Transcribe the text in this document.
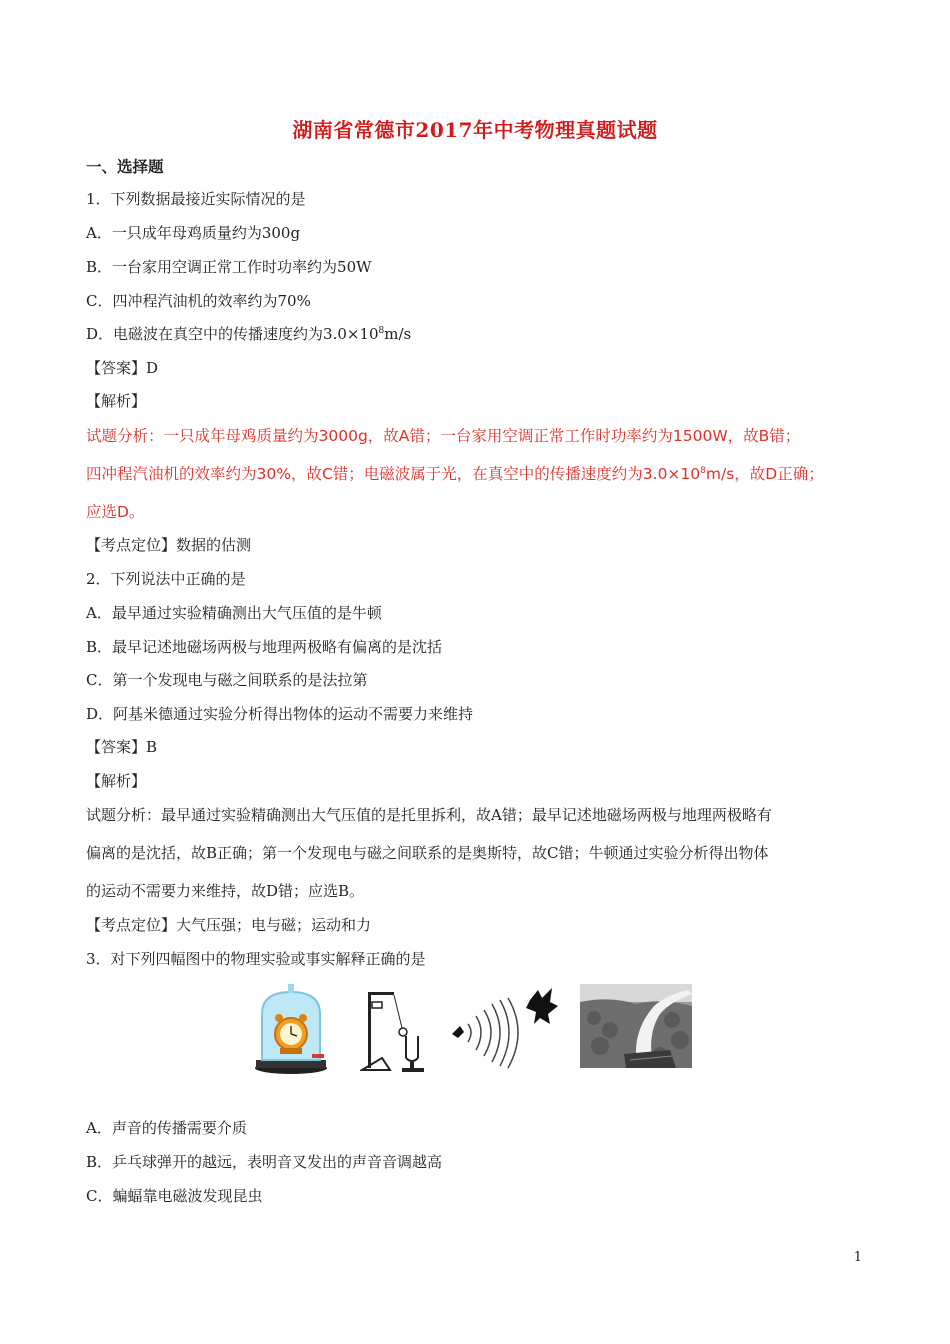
湖南省常德市2017年中考物理真题试题
一、选择题
1．下列数据最接近实际情况的是
A．一只成年母鸡质量约为300g
B．一台家用空调正常工作时功率约为50W
C．四冲程汽油机的效率约为70%
D．电磁波在真空中的传播速度约为$3.0\times 10^8m/s$
【答案】D
【解析】
试题分析：一只成年母鸡质量约为3000g，故A错；一台家用空调正常工作时功率约为1500W，故B错；
四冲程汽油机的效率约为30%，故C错；电磁波属于光，在真空中的传播速度约为$3.0\times 10^8m/s$，故D正确；
应选D。
【考点定位】数据的估测
2．下列说法中正确的是
A．最早通过实验精确测出大气压值的是牛顿
B．最早记述地磁场两极与地理两极略有偏离的是沈括
C．第一个发现电与磁之间联系的是法拉第
D．阿基米德通过实验分析得出物体的运动不需要力来维持
【答案】B
【解析】
试题分析：最早通过实验精确测出大气压值的是托里拆利，故A错；最早记述地磁场两极与地理两极略有
偏离的是沈括，故B正确；第一个发现电与磁之间联系的是奥斯特，故C错；牛顿通过实验分析得出物体
的运动不需要力来维持，故D错；应选B。
【考点定位】大气压强；电与磁；运动和力
3．对下列四幅图中的物理实验或事实解释正确的是
A．声音的传播需要介质
B．乒乓球弹开的越远，表明音叉发出的声音音调越高
C．蝙蝠靠电磁波发现昆虫
1
